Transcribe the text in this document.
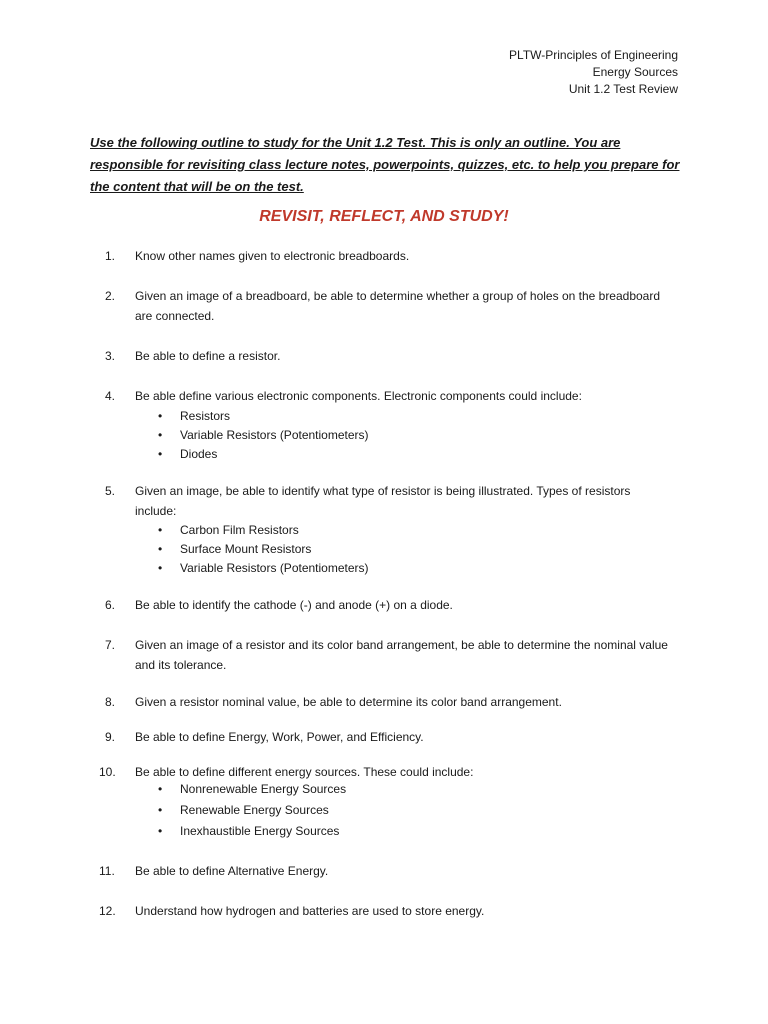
PLTW-Principles of Engineering
Energy Sources
Unit 1.2 Test Review
Use the following outline to study for the Unit 1.2 Test. This is only an outline. You are responsible for revisiting class lecture notes, powerpoints, quizzes, etc. to help you prepare for the content that will be on the test.
REVISIT, REFLECT, AND STUDY!
1.	Know other names given to electronic breadboards.
2.	Given an image of a breadboard, be able to determine whether a group of holes on the breadboard are connected.
3.	Be able to define a resistor.
4.	Be able define various electronic components. Electronic components could include:
• Resistors
• Variable Resistors (Potentiometers)
• Diodes
5.	Given an image, be able to identify what type of resistor is being illustrated. Types of resistors include:
• Carbon Film Resistors
• Surface Mount Resistors
• Variable Resistors (Potentiometers)
6.	Be able to identify the cathode (-) and anode (+) on a diode.
7.	Given an image of a resistor and its color band arrangement, be able to determine the nominal value and its tolerance.
8.	Given a resistor nominal value, be able to determine its color band arrangement.
9.	Be able to define Energy, Work, Power, and Efficiency.
10.	Be able to define different energy sources. These could include:
• Nonrenewable Energy Sources
• Renewable Energy Sources
• Inexhaustible Energy Sources
11.	Be able to define Alternative Energy.
12.	Understand how hydrogen and batteries are used to store energy.
